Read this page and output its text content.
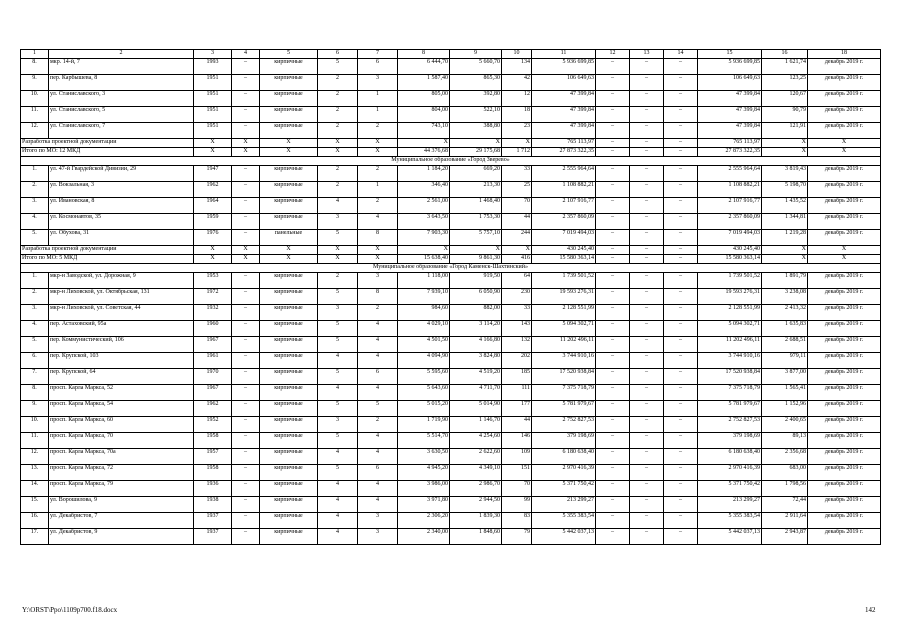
1	2	3	4	5	6	7	8	9	10	11	12	13	14	15	16	18
8.	мкр. 14-й, 7	1993	–	кирпичные	5	6	6 444,70	5 660,70	134	5 936 699,85	–	–	–	5 936 699,85	1 621,74	декабрь 2019 г.
9.	пер. Карбышева, 8	1951	–	кирпичные	2	3	1 587,40	865,30	42	106 649,63	–	–	–	106 649,63	123,25	декабрь 2019 г.
10.	ул. Станиславского, 3	1951	–	кирпичные	2	1	805,00	392,80	12	47 399,84	–	–	–	47 399,84	120,67	декабрь 2019 г.
11.	ул. Станиславского, 5	1951	–	кирпичные	2	1	804,00	522,10	18	47 399,84	–	–	–	47 399,84	90,79	декабрь 2019 г.
12.	ул. Станиславского, 7	1951	–	кирпичные	2	2	743,10	388,80	23	47 399,84	–	–	–	47 399,84	121,91	декабрь 2019 г.
Разработка проектной документации		Х	Х	Х	Х	Х	Х	Х	Х	765 113,97	–	–	–	765 113,97	Х	Х
Итого по МО: 12 МКД		Х	Х	Х	Х	Х	44 376,68	29 175,68	1 712	27 873 322,35	–	–	–	27 873 322,35	Х	Х
Муниципальное образование «Город Зверево»																
1.	ул. 47-й Гвардейской Дивизии, 29	1947	–	кирпичные	2	2	1 184,20	669,20	33	2 555 964,64	–	–	–	2 555 964,64	3 819,43	декабрь 2019 г.
2.	ул. Вокзальная, 3	1962	–	кирпичные	2	1	346,40	213,30	25	1 108 882,21	–	–	–	1 108 882,21	5 198,70	декабрь 2019 г.
3.	ул. Ивановская, 8	1964	–	кирпичные	4	2	2 561,00	1 468,40	70	2 107 916,77	–	–	–	2 107 916,77	1 435,52	декабрь 2019 г.
4.	ул. Космонавтов, 35	1959	–	кирпичные	3	4	3 643,50	1 753,30	44	2 357 860,09	–	–	–	2 357 860,09	1 344,81	декабрь 2019 г.
5.	ул. Обухова, 31	1976	–	панельные	5	8	7 903,30	5 757,10	244	7 019 494,03	–	–	–	7 019 494,03	1 219,28	декабрь 2019 г.
Разработка проектной документации		Х	Х	Х	Х	Х	Х	Х	Х	430 245,40	–	–	–	430 245,40	Х	Х
Итого по МО: 5 МКД		Х	Х	Х	Х	Х	15 638,40	9 861,30	416	15 580 363,14	–	–	–	15 580 363,14	Х	Х
Муниципальное образование «Город Каменск-Шахтинский»																
1.	мкр-н Заводской, ул. Дорожная, 9	1953	–	кирпичные	2	3	1 118,00	919,50	64	1 739 501,52	–	–	–	1 739 501,52	1 891,79	декабрь 2019 г.
2.	мкр-н Лиховской, ул. Октябрьская, 131	1972	–	кирпичные	5	8	7 939,10	6 050,90	230	19 593 276,31	–	–	–	19 593 276,31	3 238,08	декабрь 2019 г.
3.	мкр-н Лиховской, ул. Советская, 44	1932	–	кирпичные	3	2	984,60	882,00	33	2 128 551,99	–	–	–	2 128 551,99	2 413,32	декабрь 2019 г.
4.	пер. Астаховский, 95а	1960	–	кирпичные	5	4	4 029,10	3 114,20	143	5 094 302,71	–	–	–	5 094 302,71	1 635,83	декабрь 2019 г.
5.	пер. Коммунистический, 106	1967	–	кирпичные	5	4	4 501,50	4 166,80	132	11 202 496,11	–	–	–	11 202 496,11	2 688,51	декабрь 2019 г.
6.	пер. Крупской, 103	1961	–	кирпичные	4	4	4 094,90	3 824,80	202	3 744 910,16	–	–	–	3 744 910,16	979,11	декабрь 2019 г.
7.	пер. Крупской, 64	1970	–	кирпичные	5	6	5 595,60	4 519,20	185	17 520 938,84	–	–	–	17 520 938,84	3 877,00	декабрь 2019 г.
8.	просп. Карла Маркса, 52	1967	–	кирпичные	4	4	5 643,60	4 711,70	111	7 375 718,79	–	–	–	7 375 718,79	1 565,41	декабрь 2019 г.
9.	просп. Карла Маркса, 54	1962	–	кирпичные	5	5	5 015,20	5 014,90	177	5 781 979,67	–	–	–	5 781 979,67	1 152,96	декабрь 2019 г.
10.	просп. Карла Маркса, 60	1952	–	кирпичные	3	2	1 719,90	1 146,70	44	2 752 827,53	–	–	–	2 752 827,53	2 400,65	декабрь 2019 г.
11.	просп. Карла Маркса, 70	1958	–	кирпичные	5	4	5 514,70	4 254,60	146	379 198,69	–	–	–	379 198,69	89,13	декабрь 2019 г.
12.	просп. Карла Маркса, 70а	1957	–	кирпичные	4	4	3 630,50	2 622,60	109	6 180 638,40	–	–	–	6 180 638,40	2 356,68	декабрь 2019 г.
13.	просп. Карла Маркса, 72	1958	–	кирпичные	5	6	4 945,20	4 349,10	151	2 970 416,39	–	–	–	2 970 416,39	683,00	декабрь 2019 г.
14.	просп. Карла Маркса, 79	1936	–	кирпичные	4	4	3 986,00	2 986,70	70	5 371 750,42	–	–	–	5 371 750,42	1 798,56	декабрь 2019 г.
15.	ул. Ворошилова, 9	1938	–	кирпичные	4	4	3 971,80	2 944,50	99	213 299,27	–	–	–	213 299,27	72,44	декабрь 2019 г.
16.	ул. Декабристов, 7	1937	–	кирпичные	4	3	2 306,20	1 839,30	83	5 355 383,54	–	–	–	5 355 383,54	2 911,64	декабрь 2019 г.
17.	ул. Декабристов, 9	1937	–	кирпичные	4	3	2 340,00	1 848,60	79	5 442 037,13	–	–	–	5 442 037,13	2 943,87	декабрь 2019 г.
Y:\ORST\Ppo\1109p700.f18.docx	142
